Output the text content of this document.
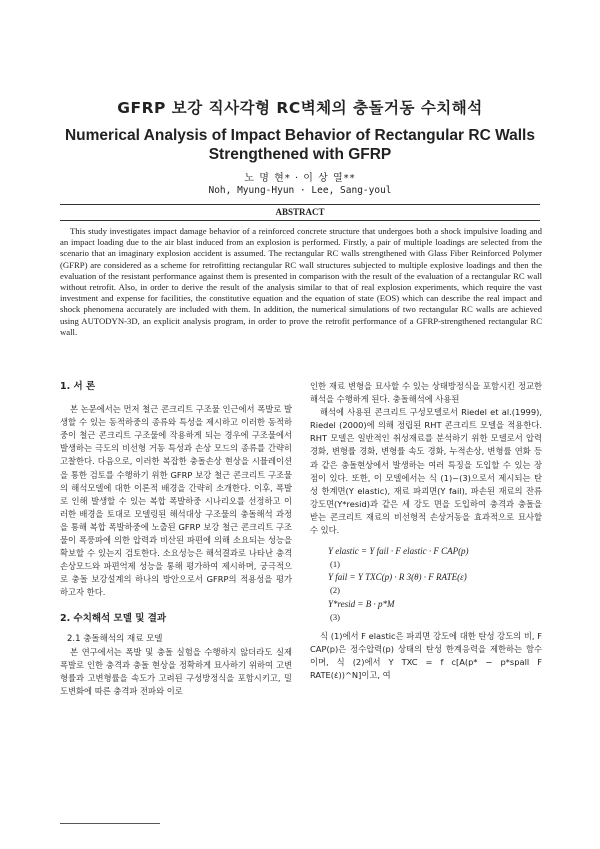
GFRP 보강 직사각형 RC벽체의 충돌거동 수치해석
Numerical Analysis of Impact Behavior of Rectangular RC Walls Strengthened with GFRP
노 명 현* · 이 상 열**
Noh, Myung-Hyun · Lee, Sang-youl
ABSTRACT

This study investigates impact damage behavior of a reinforced concrete structure that undergoes both a shock impulsive loading and an impact loading due to the air blast induced from an explosion is performed. Firstly, a pair of multiple loadings are selected from the scenario that an imaginary explosion accident is assumed. The rectangular RC walls strengthened with Glass Fiber Reinforced Polymer (GFRP) are considered as a scheme for retrofitting rectangular RC wall structures subjected to multiple explosive loadings and then the evaluation of the resistant performance against them is presented in comparison with the result of the evaluation of a rectangular RC wall without retrofit. Also, in order to derive the result of the analysis similar to that of real explosion experiments, which require the vast investment and expense for facilities, the constitutive equation and the equation of state (EOS) which can describe the real impact and shock phenomena accurately are included with them. In addition, the numerical simulations of two rectangular RC walls are achieved using AUTODYN-3D, an explicit analysis program, in order to prove the retrofit performance of a GFRP-strengthened rectangular RC wall.

1. 서 론

본 논문에서는 먼저 철근 콘크리트 구조물 인근에서 폭발로 발생할 수 있는 동적하중의 종류와 특성을 제시하고 이러한 동적하중이 철근 콘크리트 구조물에 작용하게 되는 경우에 구조물에서 발생하는 극도의 비선형 거동 특성과 손상 모드의 종류를 간략히 고찰한다. 다음으로, 이러한 복잡한 충돌손상 현상을 시뮬레이션을 통한 검토를 수행하기 위한 GFRP 보강 철근 콘크리트 구조물의 해석모델에 대한 이론적 배경을 간략히 소개한다. 이후, 폭발로 인해 발생할 수 있는 복합 폭발하중 시나리오를 선정하고 이러한 배경을 토대로 모델링된 해석대상 구조물의 충돌해석 과정을 통해 복합 폭발하중에 노출된 GFRP 보강 철근 콘크리트 구조물이 폭풍파에 의한 압력과 비산된 파편에 의해 소요되는 성능을 확보할 수 있는지 검토한다. 소요성능은 해석결과로 나타난 충격 손상모드와 파편억제 성능을 통해 평가하여 제시하며, 궁극적으로 충돌 보강설계의 하나의 방안으로서 GFRP의 적용성을 평가하고자 한다.

2. 수치해석 모델 및 결과

2.1 충돌해석의 재료 모델

본 연구에서는 폭발 및 충돌 실험을 수행하지 않더라도 실제 폭발로 인한 충격과 충돌 현상을 정확하게 묘사하기 위하여 고변형률과 고변형률을 속도가 고려된 구성방정식을 포함시키고, 밀도변화에 따른 충격파 전파와 이로

인한 재료 변형을 묘사할 수 있는 상태방정식을 포함시킨 정교한 해석을 수행하게 된다. 충돌해석에 사용된

해석에 사용된 콘크리트 구성모델로서 Riedel et al.(1999), Riedel (2000)에 의해 정립된 RHT 콘크리트 모델을 적용한다. RHT 모델은 일반적인 취성재료를 분석하기 위한 모델로서 압력경화, 변형률 경화, 변형률 속도 경화, 누적손상, 변형률 연화 등과 같은 충돌현상에서 발생하는 여러 특징을 도입할 수 있는 장점이 있다. 또한, 이 모델에서는 식 (1)~(3)으로서 제시되는 탄성 한계면(Y elastic), 재료 파괴면(Y fail), 파손된 재료의 잔류강도면(Y*resid)과 같은 세 강도 면을 도입하여 충격과 충돌을 받는 콘크리트 재료의 비선형적 손상거동을 효과적으로 묘사할 수 있다.

Y elastic = Y fail · F elastic · F CAP(p)
(1)
Y fail = Y TXC(p) · R 3(θ) · F RATE(ε̇)
(2)
Y*resid = B · p*M
(3)

식 (1)에서 F elastic은 파괴면 강도에 대한 탄성 강도의 비, F CAP(p)은 정수압력(p) 상태의 탄성 한계응력을 제한하는 함수이며, 식 (2)에서 Y TXC = f c[A(p* − p*spall F RATE(ε̇))^N]이고, 여
